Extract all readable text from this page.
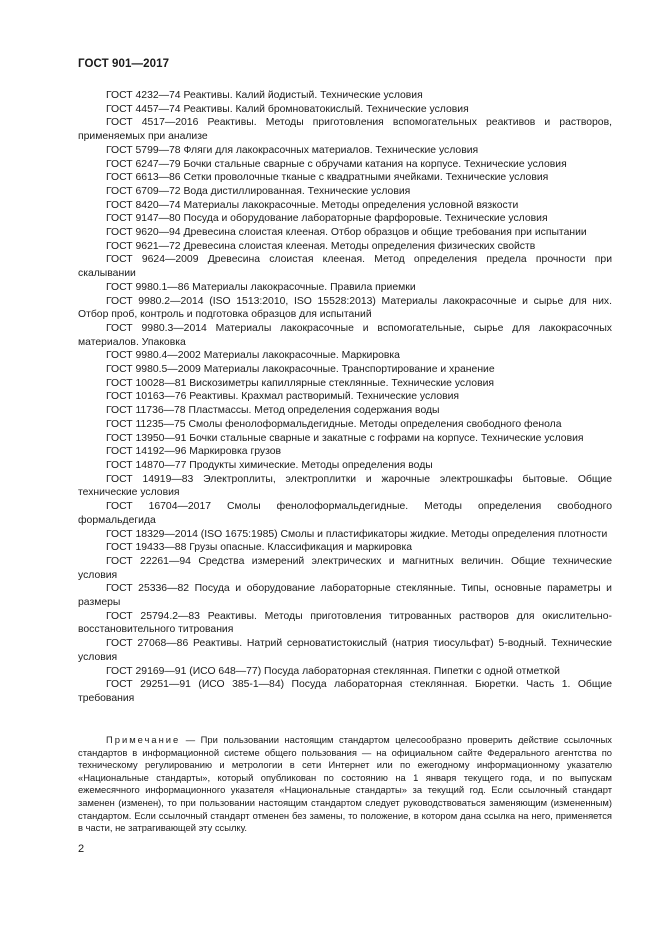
ГОСТ 901—2017

ГОСТ 4232—74 Реактивы. Калий йодистый. Технические условия

ГОСТ 4457—74 Реактивы. Калий бромноватокислый. Технические условия

ГОСТ 4517—2016 Реактивы. Методы приготовления вспомогательных реактивов и растворов, применяемых при анализе

ГОСТ 5799—78 Фляги для лакокрасочных материалов. Технические условия

ГОСТ 6247—79 Бочки стальные сварные с обручами катания на корпусе. Технические условия

ГОСТ 6613—86 Сетки проволочные тканые с квадратными ячейками. Технические условия

ГОСТ 6709—72 Вода дистиллированная. Технические условия

ГОСТ 8420—74 Материалы лакокрасочные. Методы определения условной вязкости

ГОСТ 9147—80 Посуда и оборудование лабораторные фарфоровые. Технические условия

ГОСТ 9620—94 Древесина слоистая клееная. Отбор образцов и общие требования при испытании

ГОСТ 9621—72 Древесина слоистая клееная. Методы определения физических свойств

ГОСТ 9624—2009 Древесина слоистая клееная. Метод определения предела прочности при скалывании

ГОСТ 9980.1—86 Материалы лакокрасочные. Правила приемки

ГОСТ 9980.2—2014 (ISO 1513:2010, ISO 15528:2013) Материалы лакокрасочные и сырье для них. Отбор проб, контроль и подготовка образцов для испытаний

ГОСТ 9980.3—2014 Материалы лакокрасочные и вспомогательные, сырье для лакокрасочных материалов. Упаковка

ГОСТ 9980.4—2002 Материалы лакокрасочные. Маркировка

ГОСТ 9980.5—2009 Материалы лакокрасочные. Транспортирование и хранение

ГОСТ 10028—81 Вискозиметры капиллярные стеклянные. Технические условия

ГОСТ 10163—76 Реактивы. Крахмал растворимый. Технические условия

ГОСТ 11736—78 Пластмассы. Метод определения содержания воды

ГОСТ 11235—75 Смолы фенолоформальдегидные. Методы определения свободного фенола

ГОСТ 13950—91 Бочки стальные сварные и закатные с гофрами на корпусе. Технические условия

ГОСТ 14192—96 Маркировка грузов

ГОСТ 14870—77 Продукты химические. Методы определения воды

ГОСТ 14919—83 Электроплиты, электроплитки и жарочные электрошкафы бытовые. Общие технические условия

ГОСТ 16704—2017 Смолы фенолоформальдегидные. Методы определения свободного формальдегида

ГОСТ 18329—2014 (ISO 1675:1985) Смолы и пластификаторы жидкие. Методы определения плотности

ГОСТ 19433—88 Грузы опасные. Классификация и маркировка

ГОСТ 22261—94 Средства измерений электрических и магнитных величин. Общие технические условия

ГОСТ 25336—82 Посуда и оборудование лабораторные стеклянные. Типы, основные параметры и размеры

ГОСТ 25794.2—83 Реактивы. Методы приготовления титрованных растворов для окислительно-восстановительного титрования

ГОСТ 27068—86 Реактивы. Натрий серноватистокислый (натрия тиосульфат) 5-водный. Технические условия

ГОСТ 29169—91 (ИСО 648—77) Посуда лабораторная стеклянная. Пипетки с одной отметкой

ГОСТ 29251—91 (ИСО 385-1—84) Посуда лабораторная стеклянная. Бюретки. Часть 1. Общие требования

Примечание — При пользовании настоящим стандартом целесообразно проверить действие ссылочных стандартов в информационной системе общего пользования — на официальном сайте Федерального агентства по техническому регулированию и метрологии в сети Интернет или по ежегодному информационному указателю «Национальные стандарты», который опубликован по состоянию на 1 января текущего года, и по выпускам ежемесячного информационного указателя «Национальные стандарты» за текущий год. Если ссылочный стандарт заменен (изменен), то при пользовании настоящим стандартом следует руководствоваться заменяющим (измененным) стандартом. Если ссылочный стандарт отменен без замены, то положение, в котором дана ссылка на него, применяется в части, не затрагивающей эту ссылку.

2
